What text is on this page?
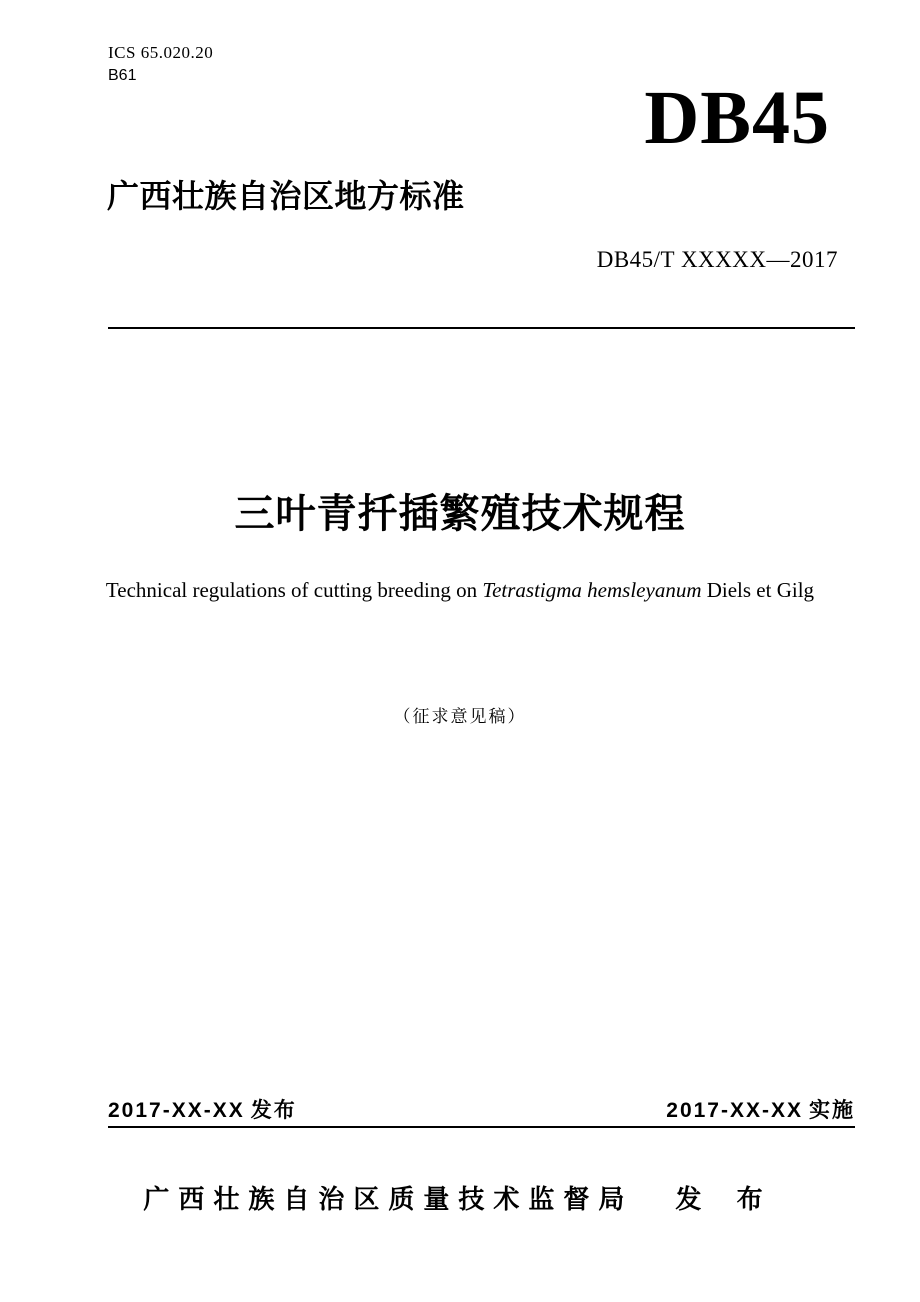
ICS 65.020.20
B61
DB45
广西壮族自治区地方标准
DB45/T XXXXX—2017
三叶青扦插繁殖技术规程
Technical regulations of cutting breeding on Tetrastigma hemsleyanum Diels et Gilg
（征求意见稿）
2017-XX-XX 发布	2017-XX-XX 实施
广西壮族自治区质量技术监督局 发 布
